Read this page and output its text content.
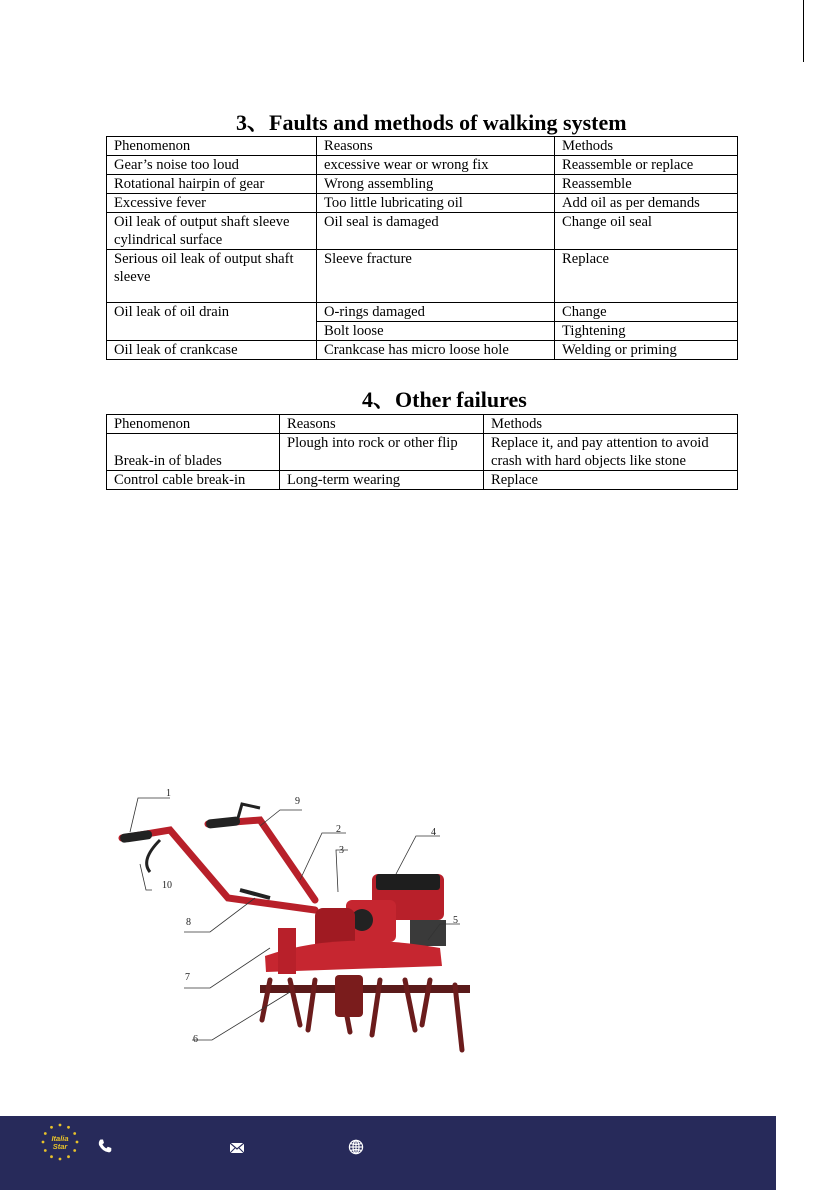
3、Faults and methods of walking system
Phenomenon	Reasons	Methods
Gear’s noise too loud	excessive wear or wrong fix	Reassemble or replace
Rotational hairpin of gear	Wrong assembling	Reassemble
Excessive fever	Too little lubricating oil	Add oil as per demands
Oil leak of output shaft sleeve cylindrical surface	Oil seal is damaged	Change oil seal
Serious oil leak of output shaft sleeve	Sleeve fracture	Replace
Oil leak of oil drain	O-rings damaged	Change
	Bolt loose	Tightening
Oil leak of crankcase	Crankcase has micro loose hole	Welding or priming
4、Other failures
Phenomenon	Reasons	Methods
Break-in of blades	Plough into rock or other flip	Replace it, and pay attention to avoid crash with hard objects like stone
Control cable break-in	Long-term wearing	Replace
1
2
3
4
5
6
7
8
9
10
Italia
Star
